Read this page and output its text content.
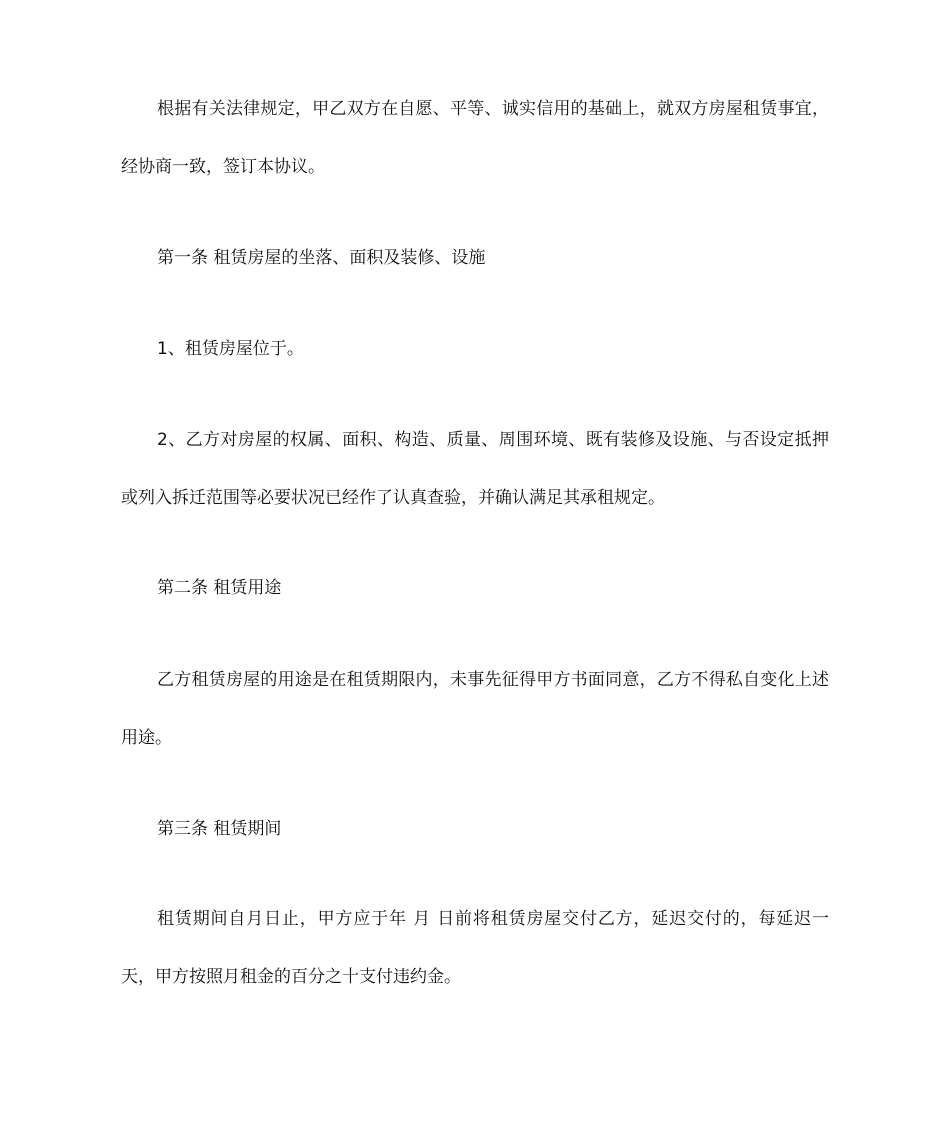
根据有关法律规定，甲乙双方在自愿、平等、诚实信用的基础上，就双方房屋租赁事宜，经协商一致，签订本协议。

第一条 租赁房屋的坐落、面积及装修、设施

1、租赁房屋位于。

2、乙方对房屋的权属、面积、构造、质量、周围环境、既有装修及设施、与否设定抵押或列入拆迁范围等必要状况已经作了认真查验，并确认满足其承租规定。

第二条 租赁用途

乙方租赁房屋的用途是在租赁期限内，未事先征得甲方书面同意，乙方不得私自变化上述用途。

第三条 租赁期间

租赁期间自月日止，甲方应于年 月 日前将租赁房屋交付乙方，延迟交付的，每延迟一天，甲方按照月租金的百分之十支付违约金。
